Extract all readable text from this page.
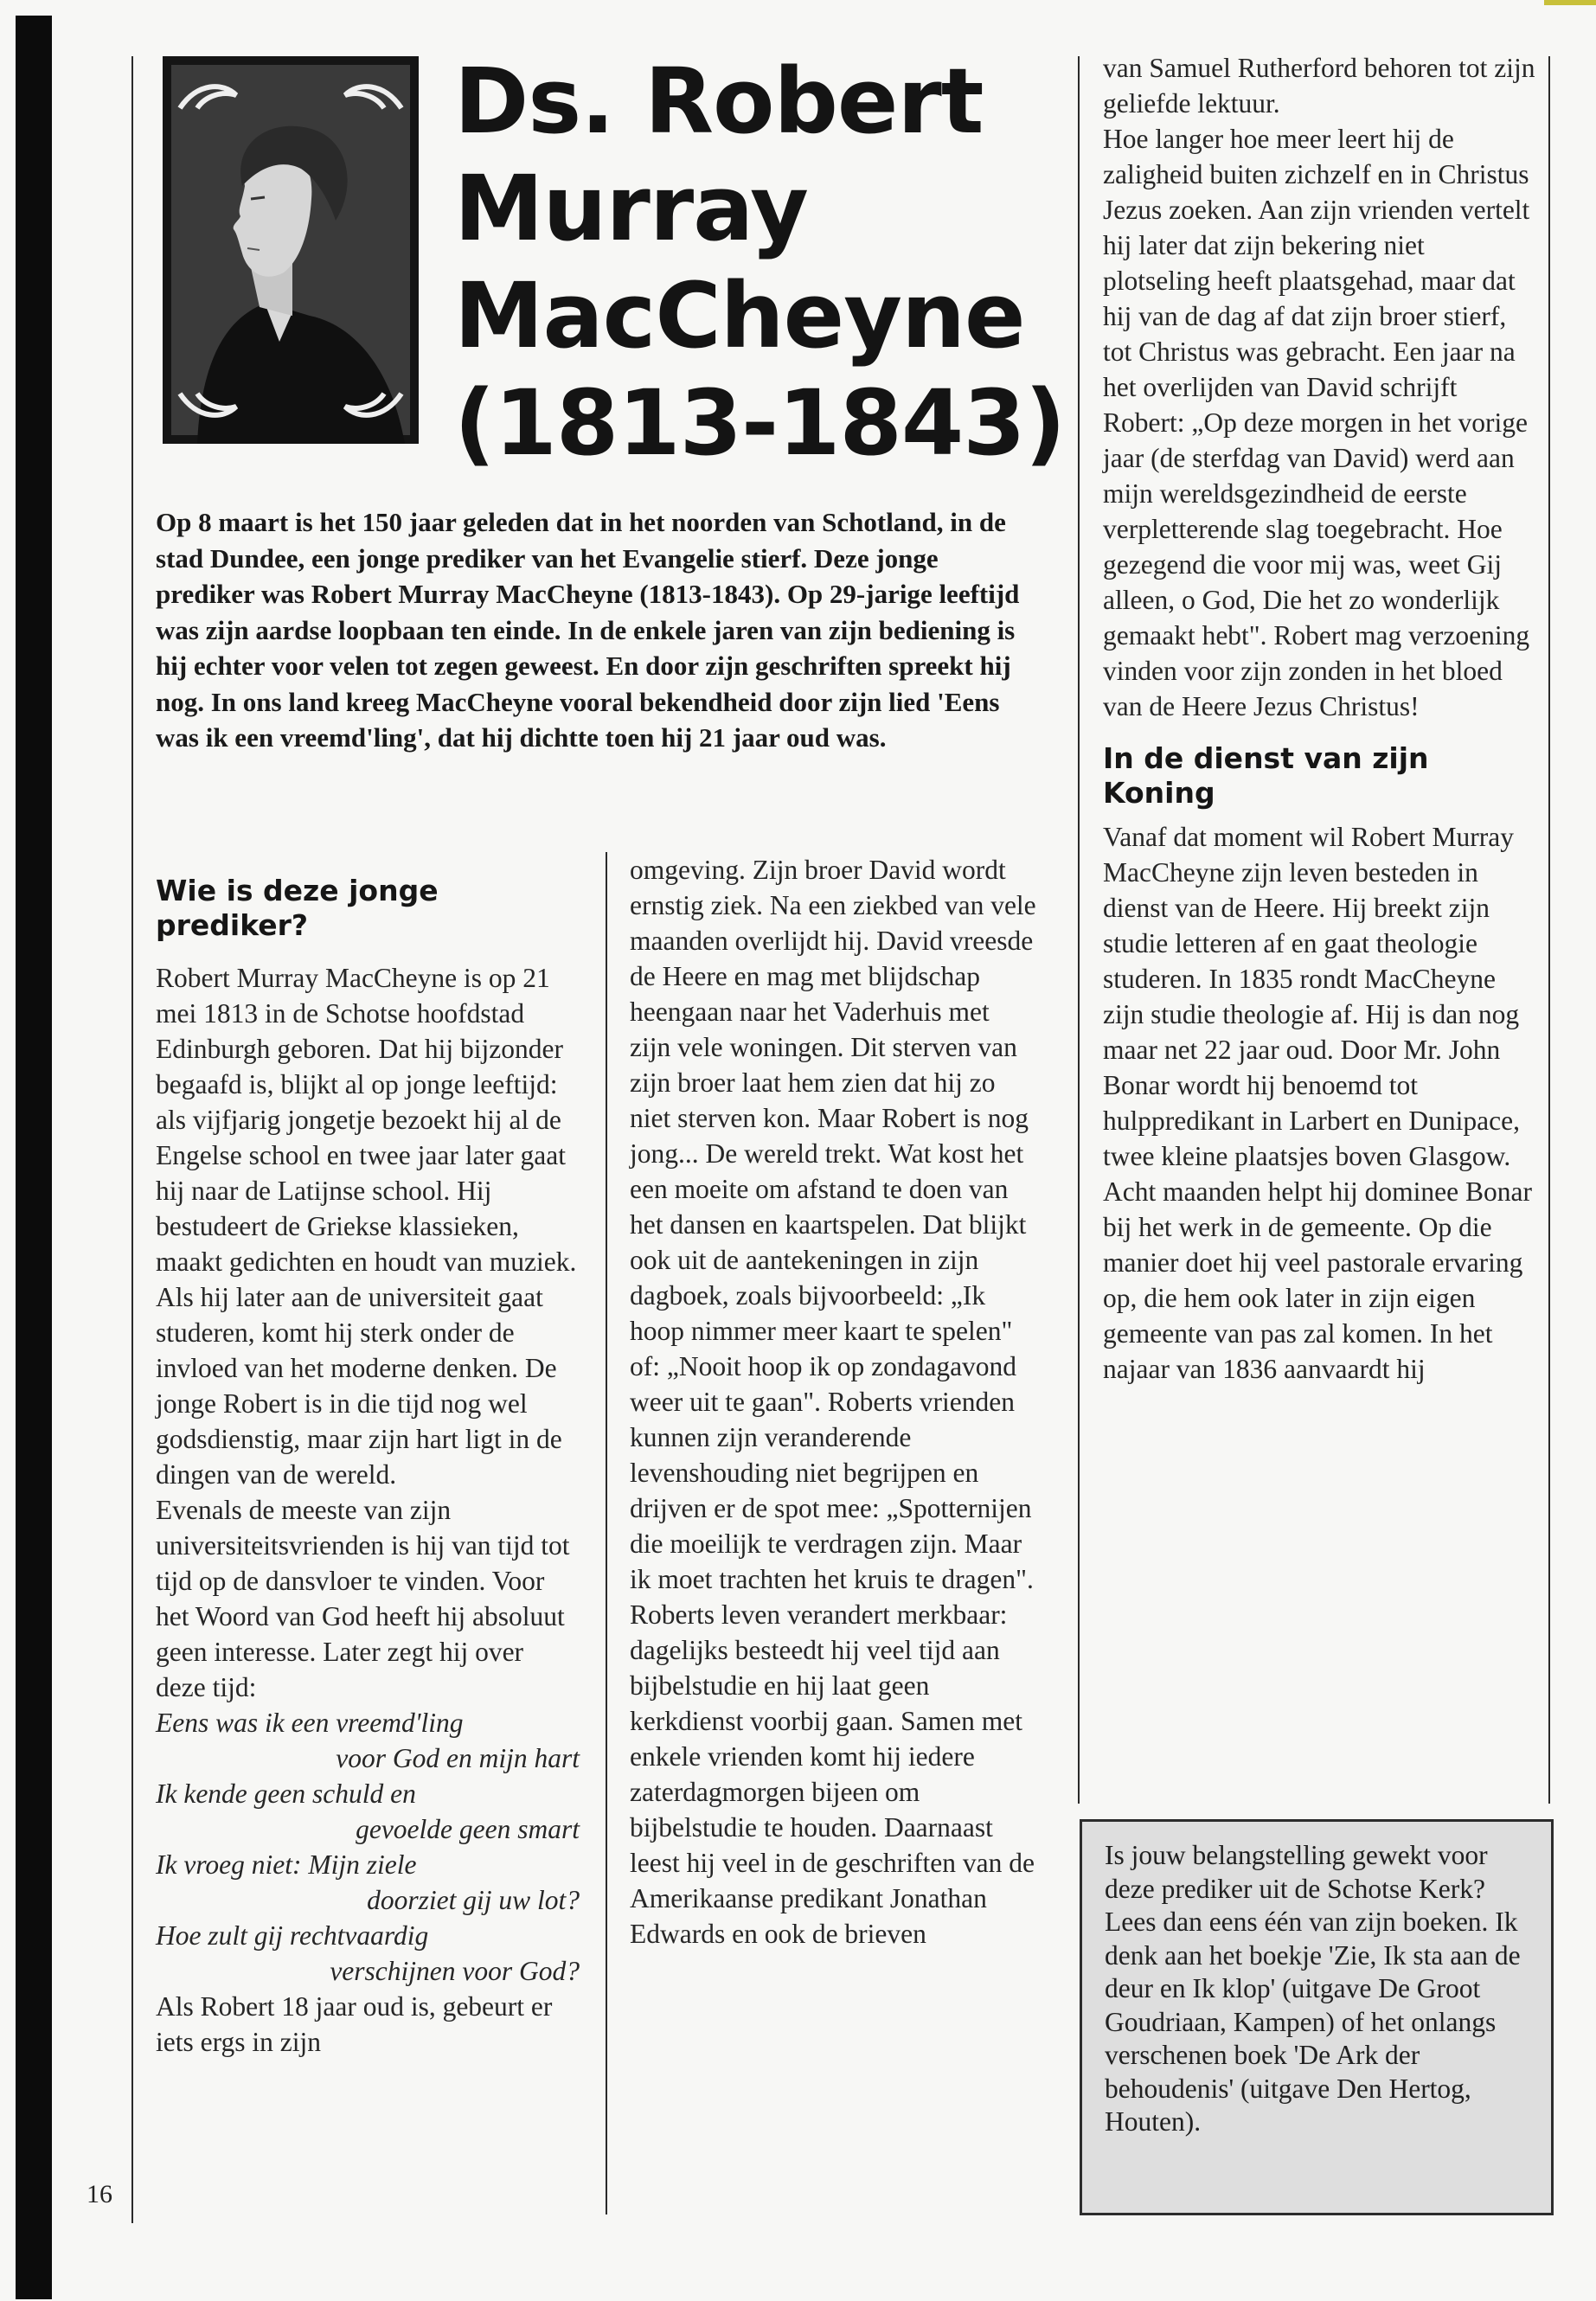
Ds. Robert
Murray
MacCheyne
(1813-1843)

Op 8 maart is het 150 jaar geleden dat in het noorden van Schotland, in de stad Dundee, een jonge prediker van het Evangelie stierf. Deze jonge prediker was Robert Murray MacCheyne (1813-1843). Op 29-jarige leeftijd was zijn aardse loopbaan ten einde. In de enkele jaren van zijn bediening is hij echter voor velen tot zegen geweest. En door zijn geschriften spreekt hij nog. In ons land kreeg MacCheyne vooral bekendheid door zijn lied 'Eens was ik een vreemd'ling', dat hij dichtte toen hij 21 jaar oud was.

Wie is deze jonge prediker?

Robert Murray MacCheyne is op 21 mei 1813 in de Schotse hoofdstad Edinburgh geboren. Dat hij bijzonder begaafd is, blijkt al op jonge leeftijd: als vijfjarig jongetje bezoekt hij al de Engelse school en twee jaar later gaat hij naar de Latijnse school. Hij bestudeert de Griekse klassieken, maakt gedichten en houdt van muziek. Als hij later aan de universiteit gaat studeren, komt hij sterk onder de invloed van het moderne denken. De jonge Robert is in die tijd nog wel godsdienstig, maar zijn hart ligt in de dingen van de wereld.

Evenals de meeste van zijn universiteitsvrienden is hij van tijd tot tijd op de dansvloer te vinden. Voor het Woord van God heeft hij absoluut geen interesse. Later zegt hij over deze tijd:

Eens was ik een vreemd'ling
voor God en mijn hart
Ik kende geen schuld en
gevoelde geen smart
Ik vroeg niet: Mijn ziele
doorziet gij uw lot?
Hoe zult gij rechtvaardig
verschijnen voor God?

Als Robert 18 jaar oud is, gebeurt er iets ergs in zijn

omgeving. Zijn broer David wordt ernstig ziek. Na een ziekbed van vele maanden overlijdt hij. David vreesde de Heere en mag met blijdschap heengaan naar het Vaderhuis met zijn vele woningen. Dit sterven van zijn broer laat hem zien dat hij zo niet sterven kon. Maar Robert is nog jong... De wereld trekt. Wat kost het een moeite om afstand te doen van het dansen en kaartspelen. Dat blijkt ook uit de aantekeningen in zijn dagboek, zoals bijvoorbeeld: „Ik hoop nimmer meer kaart te spelen" of: „Nooit hoop ik op zondagavond weer uit te gaan". Roberts vrienden kunnen zijn veranderende levenshouding niet begrijpen en drijven er de spot mee: „Spotternijen die moeilijk te verdragen zijn. Maar ik moet trachten het kruis te dragen". Roberts leven verandert merkbaar: dagelijks besteedt hij veel tijd aan bijbelstudie en hij laat geen kerkdienst voorbij gaan. Samen met enkele vrienden komt hij iedere zaterdagmorgen bijeen om bijbelstudie te houden. Daarnaast leest hij veel in de geschriften van de Amerikaanse predikant Jonathan Edwards en ook de brieven

van Samuel Rutherford behoren tot zijn geliefde lektuur.

Hoe langer hoe meer leert hij de zaligheid buiten zichzelf en in Christus Jezus zoeken. Aan zijn vrienden vertelt hij later dat zijn bekering niet plotseling heeft plaatsgehad, maar dat hij van de dag af dat zijn broer stierf, tot Christus was gebracht. Een jaar na het overlijden van David schrijft Robert: „Op deze morgen in het vorige jaar (de sterfdag van David) werd aan mijn wereldsgezindheid de eerste verpletterende slag toegebracht. Hoe gezegend die voor mij was, weet Gij alleen, o God, Die het zo wonderlijk gemaakt hebt". Robert mag verzoening vinden voor zijn zonden in het bloed van de Heere Jezus Christus!

In de dienst van zijn Koning

Vanaf dat moment wil Robert Murray MacCheyne zijn leven besteden in dienst van de Heere. Hij breekt zijn studie letteren af en gaat theologie studeren. In 1835 rondt MacCheyne zijn studie theologie af. Hij is dan nog maar net 22 jaar oud. Door Mr. John Bonar wordt hij benoemd tot hulppredikant in Larbert en Dunipace, twee kleine plaatsjes boven Glasgow. Acht maanden helpt hij dominee Bonar bij het werk in de gemeente. Op die manier doet hij veel pastorale ervaring op, die hem ook later in zijn eigen gemeente van pas zal komen. In het najaar van 1836 aanvaardt hij

Is jouw belangstelling gewekt voor deze prediker uit de Schotse Kerk? Lees dan eens één van zijn boeken. Ik denk aan het boekje 'Zie, Ik sta aan de deur en Ik klop' (uitgave De Groot Goudriaan, Kampen) of het onlangs verschenen boek 'De Ark der behoudenis' (uitgave Den Hertog, Houten).

16
